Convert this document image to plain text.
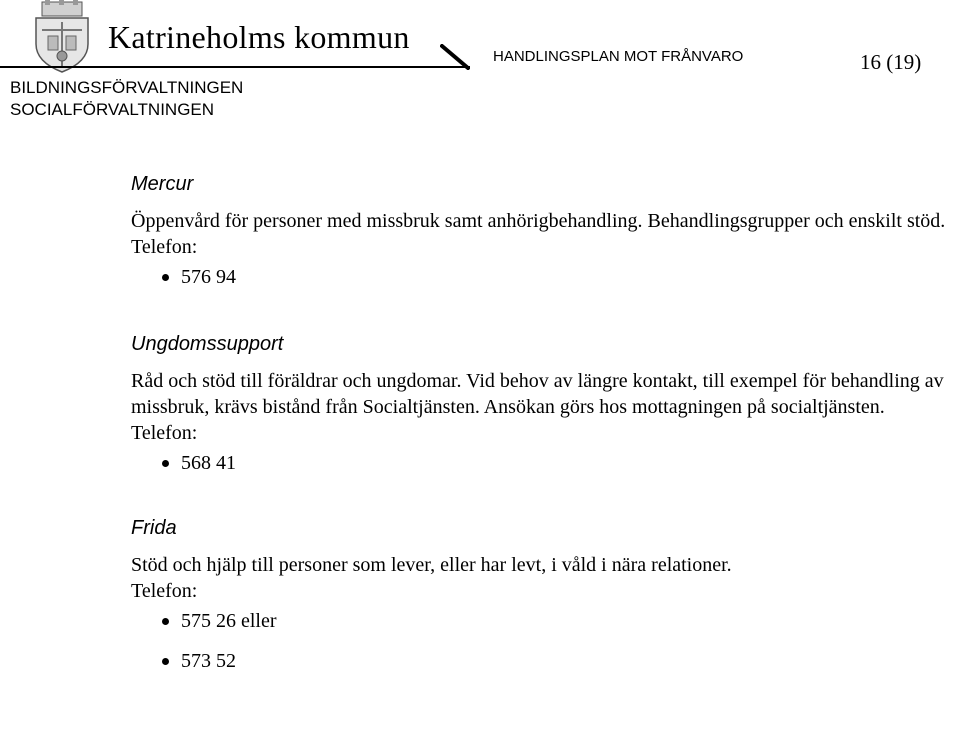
Katrineholms kommun
HANDLINGSPLAN MOT FRÅNVARO	16 (19)
BILDNINGSFÖRVALTNINGEN
SOCIALFÖRVALTNINGEN
Mercur

Öppenvård för personer med missbruk samt anhörigbehandling. Behandlingsgrupper och enskilt stöd.

Telefon:

576 94
Ungdomssupport

Råd och stöd till föräldrar och ungdomar. Vid behov av längre kontakt, till exempel för behandling av missbruk, krävs bistånd från Socialtjänsten. Ansökan görs hos mottagningen på socialtjänsten.

Telefon:

568 41
Frida

Stöd och hjälp till personer som lever, eller har levt, i våld i nära relationer.

Telefon:

575 26 eller
573 52
